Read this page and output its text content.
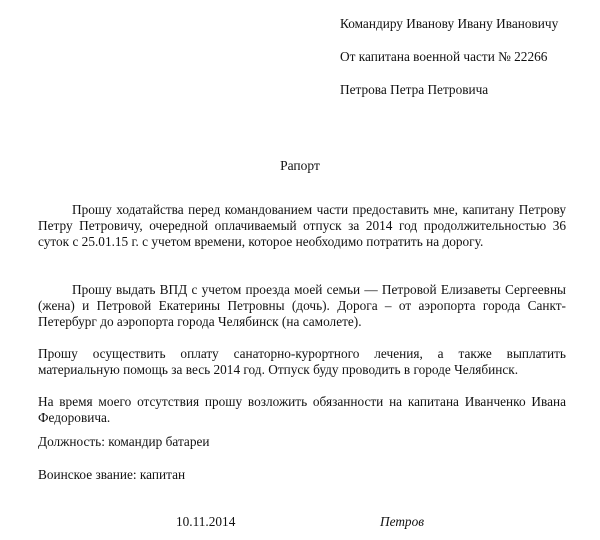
Командиру Иванову Ивану Ивановичу
От капитана военной части № 22266
Петрова Петра Петровича
Рапорт
Прошу ходатайства перед командованием части предоставить мне, капитану Петрову Петру Петровичу, очередной оплачиваемый отпуск за 2014 год продолжительностью 36 суток с 25.01.15 г. с учетом времени, которое необходимо потратить на дорогу.
Прошу выдать ВПД с учетом проезда моей семьи — Петровой Елизаветы Сергеевны (жена) и Петровой Екатерины Петровны (дочь). Дорога – от аэропорта города Санкт-Петербург до аэропорта города Челябинск (на самолете).
Прошу осуществить оплату санаторно-курортного лечения, а также выплатить материальную помощь за весь 2014 год. Отпуск буду проводить в городе Челябинск.
На время моего отсутствия прошу возложить обязанности на капитана Иванченко Ивана Федоровича.
Должность: командир батареи
Воинское звание: капитан
10.11.2014	Петров
